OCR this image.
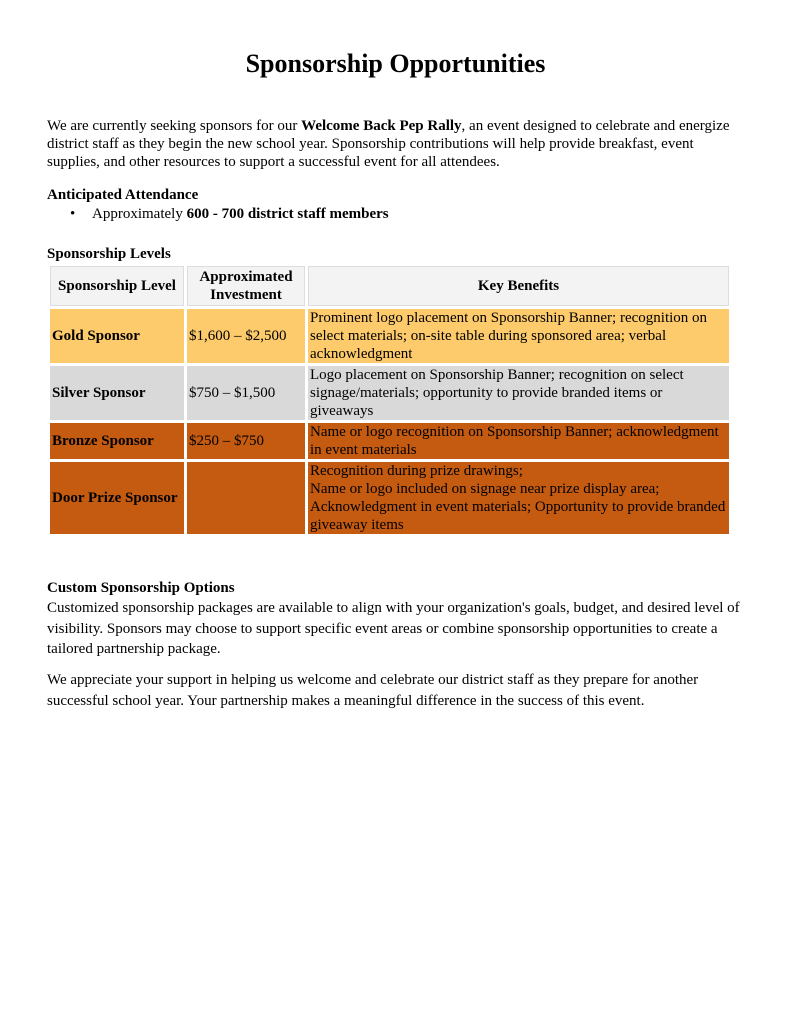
Sponsorship Opportunities

We are currently seeking sponsors for our Welcome Back Pep Rally, an event designed to celebrate and energize district staff as they begin the new school year. Sponsorship contributions will help provide breakfast, event supplies, and other resources to support a successful event for all attendees.

Anticipated Attendance
• Approximately 600 - 700 district staff members
Sponsorship Levels
Sponsorship Level	Approximated Investment	Key Benefits
Gold Sponsor	$1,600 – $2,500	Prominent logo placement on Sponsorship Banner; recognition on select materials; on-site table during sponsored area; verbal acknowledgment
Silver Sponsor	$750 – $1,500	Logo placement on Sponsorship Banner; recognition on select signage/materials; opportunity to provide branded items or giveaways
Bronze Sponsor	$250 – $750	Name or logo recognition on Sponsorship Banner; acknowledgment in event materials
Door Prize Sponsor		Recognition during prize drawings;
Name or logo included on signage near prize display area;
Acknowledgment in event materials; Opportunity to provide branded giveaway items
Custom Sponsorship Options

Customized sponsorship packages are available to align with your organization's goals, budget, and desired level of visibility. Sponsors may choose to support specific event areas or combine sponsorship opportunities to create a tailored partnership package.

We appreciate your support in helping us welcome and celebrate our district staff as they prepare for another successful school year. Your partnership makes a meaningful difference in the success of this event.
